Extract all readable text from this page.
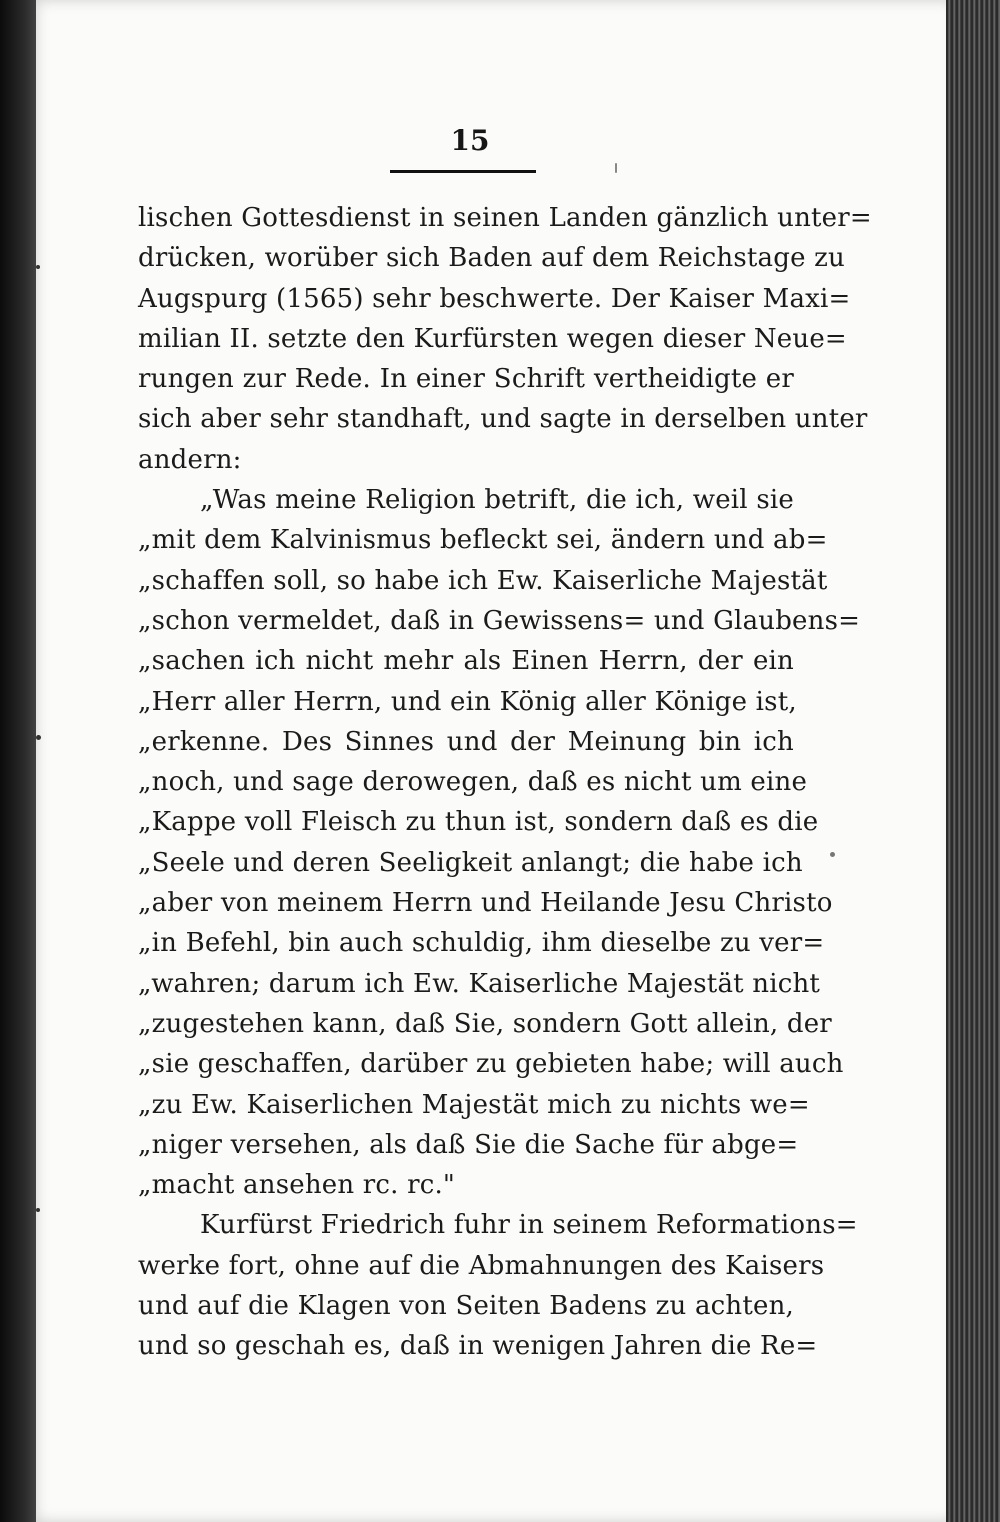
15
lischen Gottesdienst in seinen Landen gänzlich unter=
drücken, worüber sich Baden auf dem Reichstage zu
Augspurg (1565) sehr beschwerte. Der Kaiser Maxi=
milian II. setzte den Kurfürsten wegen dieser Neue=
rungen zur Rede. In einer Schrift vertheidigte er
sich aber sehr standhaft, und sagte in derselben unter
andern:
„Was meine Religion betrift, die ich, weil sie
„mit dem Kalvinismus befleckt sei, ändern und ab=
„schaffen soll, so habe ich Ew. Kaiserliche Majestät
„schon vermeldet, daß in Gewissens= und Glaubens=
„sachen ich nicht mehr als Einen Herrn, der ein
„Herr aller Herrn, und ein König aller Könige ist,
„erkenne. Des Sinnes und der Meinung bin ich
„noch, und sage derowegen, daß es nicht um eine
„Kappe voll Fleisch zu thun ist, sondern daß es die
„Seele und deren Seeligkeit anlangt; die habe ich
„aber von meinem Herrn und Heilande Jesu Christo
„in Befehl, bin auch schuldig, ihm dieselbe zu ver=
„wahren; darum ich Ew. Kaiserliche Majestät nicht
„zugestehen kann, daß Sie, sondern Gott allein, der
„sie geschaffen, darüber zu gebieten habe; will auch
„zu Ew. Kaiserlichen Majestät mich zu nichts we=
„niger versehen, als daß Sie die Sache für abge=
„macht ansehen rc. rc."
Kurfürst Friedrich fuhr in seinem Reformations=
werke fort, ohne auf die Abmahnungen des Kaisers
und auf die Klagen von Seiten Badens zu achten,
und so geschah es, daß in wenigen Jahren die Re=
